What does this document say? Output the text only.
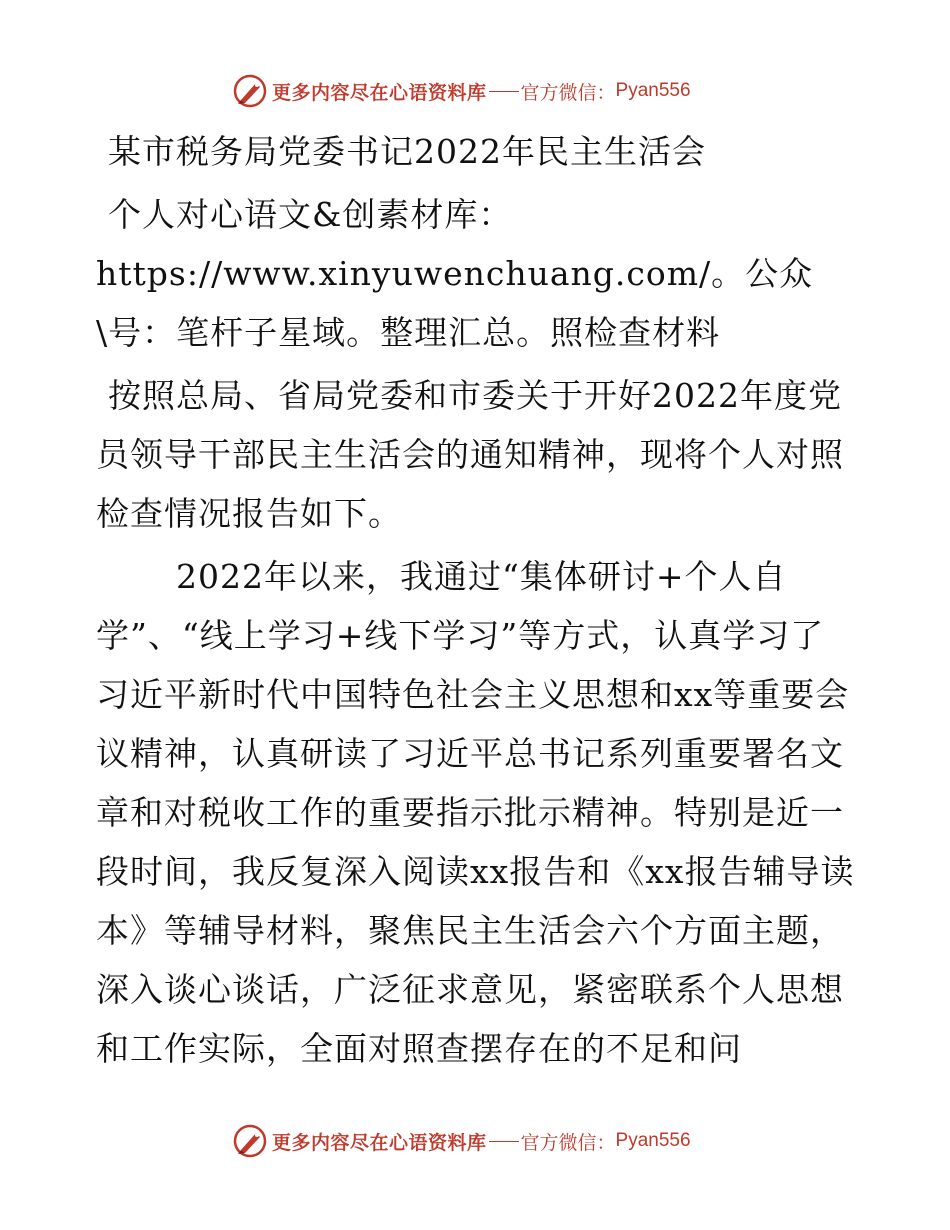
更多内容尽在心语资料库 官方微信： Pyan556

某市税务局党委书记2022年民主生活会

个人对心语文&创素材库：https://www.xinyuwenchuang.com/。公众\号：笔杆子星域。整理汇总。照检查材料

按照总局、省局党委和市委关于开好2022年度党员领导干部民主生活会的通知精神，现将个人对照检查情况报告如下。

2022年以来，我通过“集体研讨+个人自学”、“线上学习+线下学习”等方式，认真学习了习近平新时代中国特色社会主义思想和xx等重要会议精神，认真研读了习近平总书记系列重要署名文章和对税收工作的重要指示批示精神。特别是近一段时间，我反复深入阅读xx报告和《xx报告辅导读本》等辅导材料，聚焦民主生活会六个方面主题，深入谈心谈话，广泛征求意见，紧密联系个人思想和工作实际，全面对照查摆存在的不足和问

更多内容尽在心语资料库 官方微信： Pyan556
